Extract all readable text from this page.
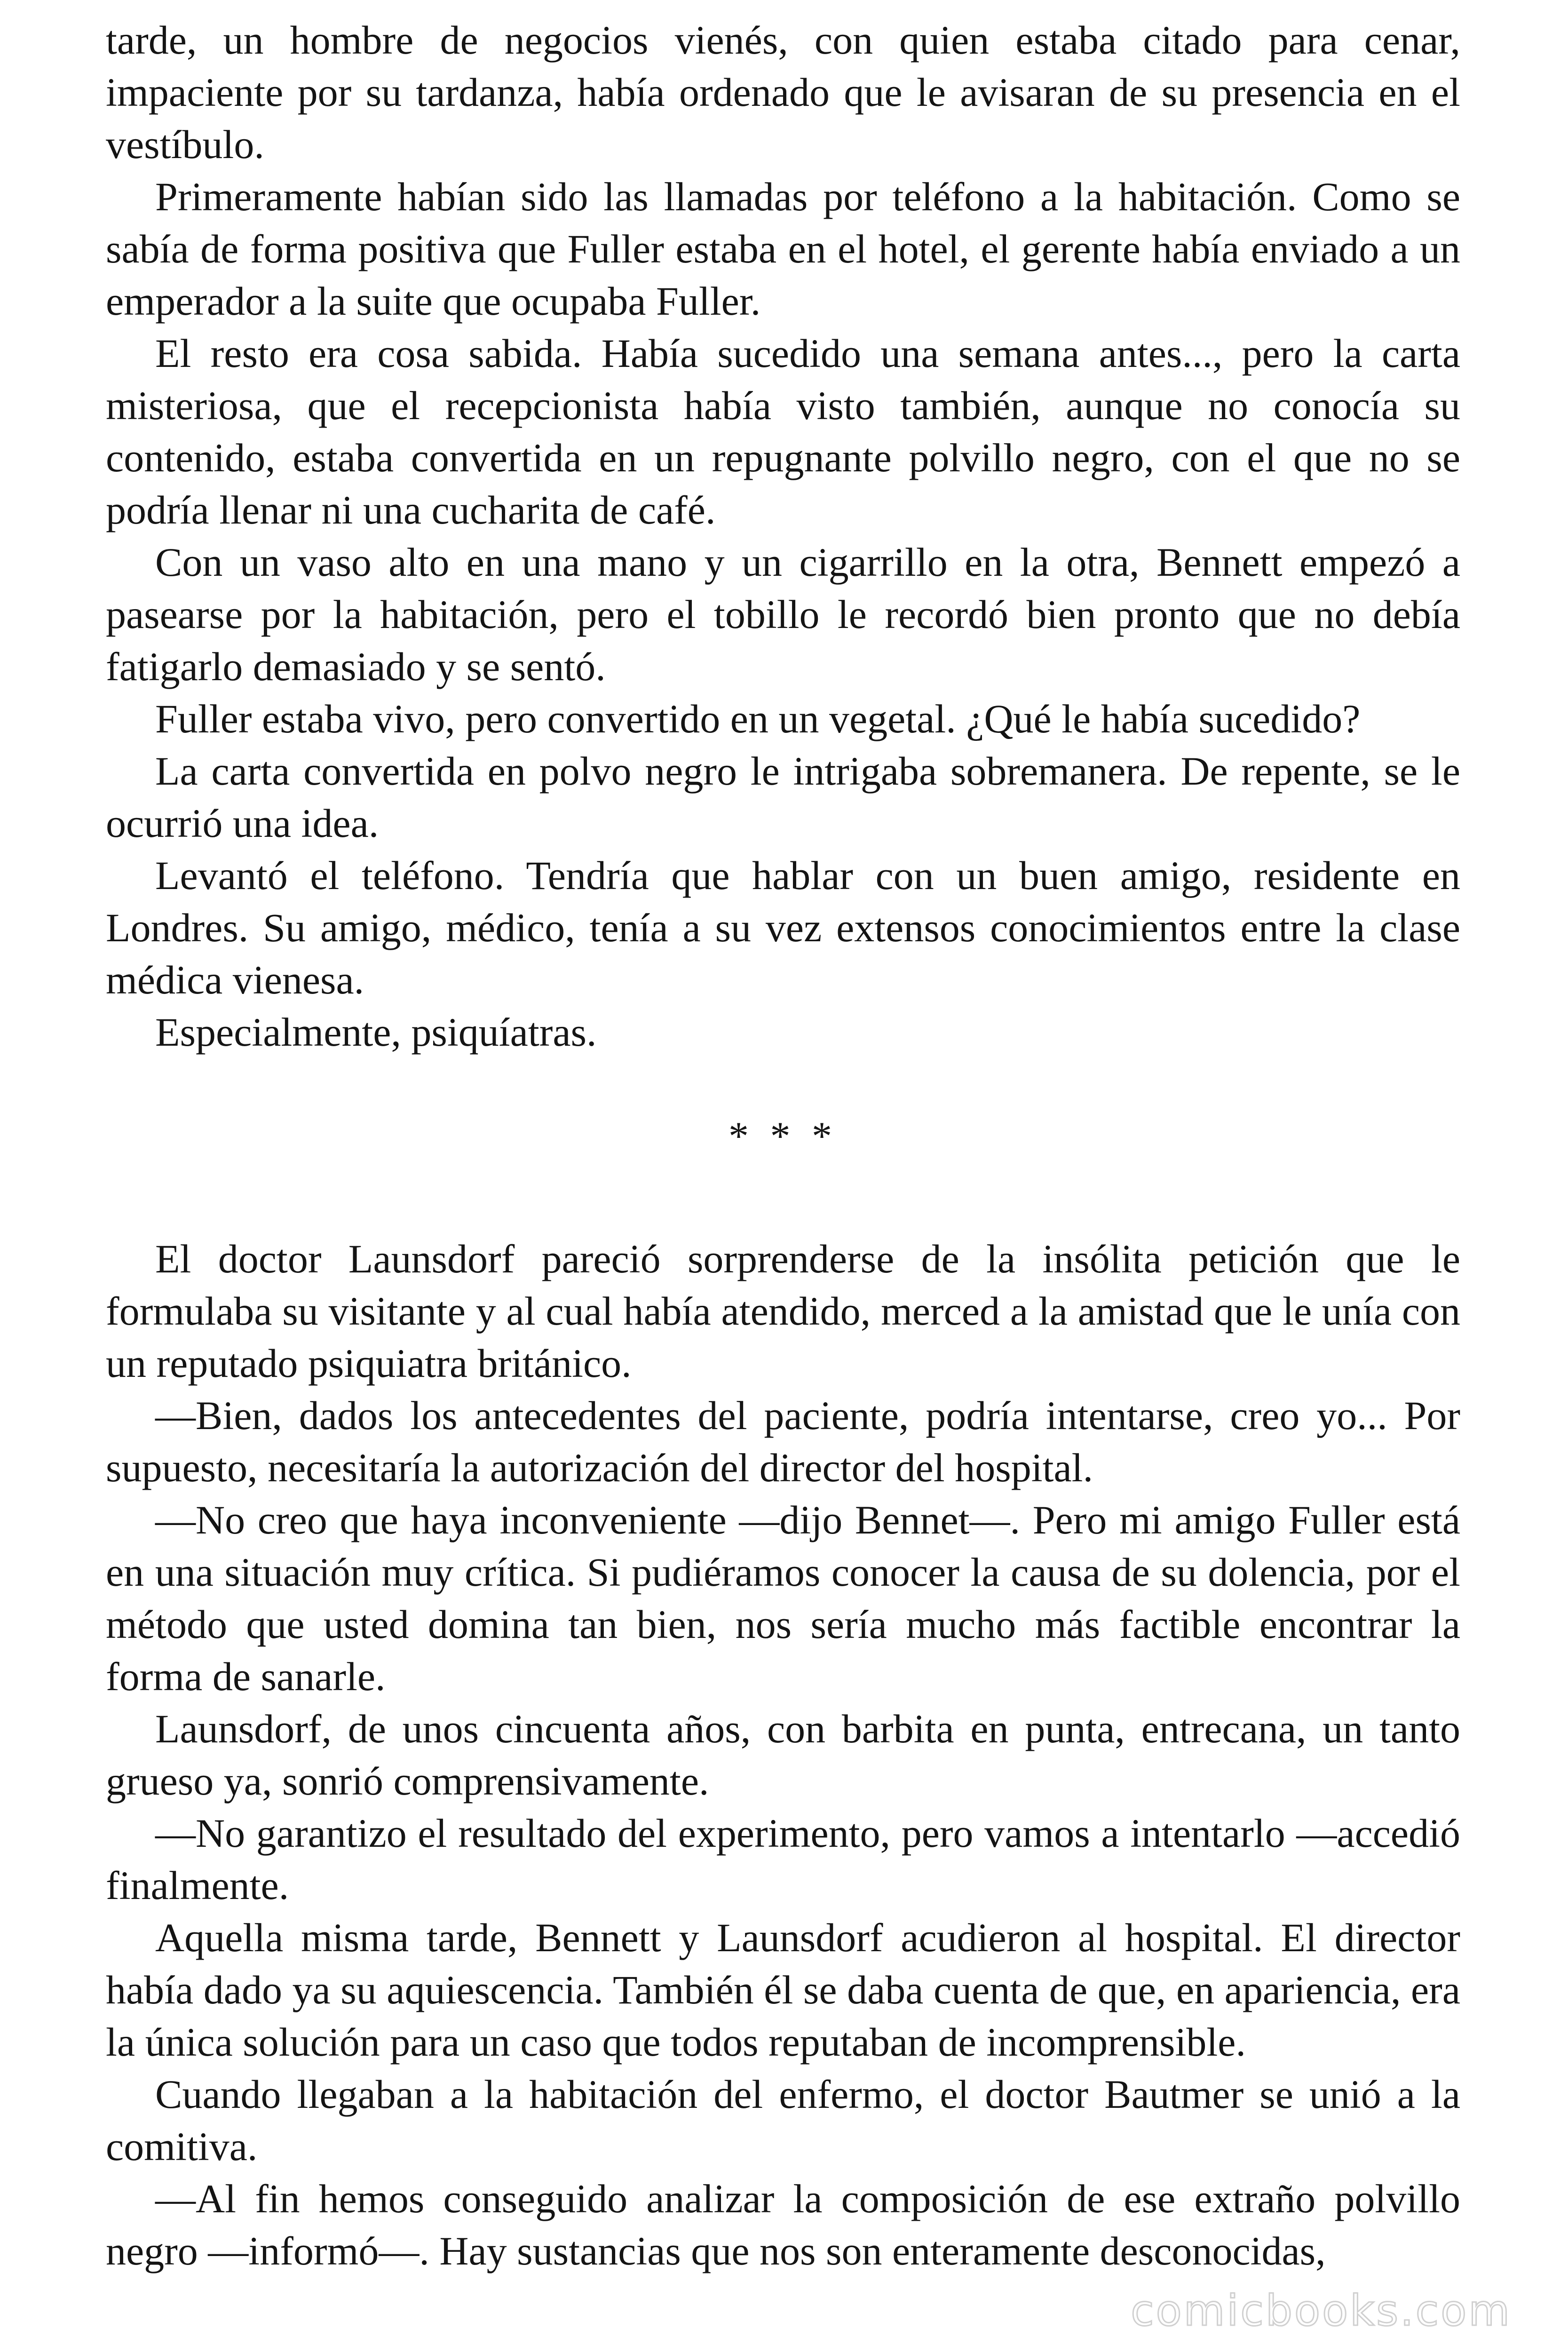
tarde, un hombre de negocios vienés, con quien estaba citado para cenar, impaciente por su tardanza, había ordenado que le avisaran de su presencia en el vestíbulo.

Primeramente habían sido las llamadas por teléfono a la habitación. Como se sabía de forma positiva que Fuller estaba en el hotel, el gerente había enviado a un emperador a la suite que ocupaba Fuller.

El resto era cosa sabida. Había sucedido una semana antes..., pero la carta misteriosa, que el recepcionista había visto también, aunque no conocía su contenido, estaba convertida en un repugnante polvillo negro, con el que no se podría llenar ni una cucharita de café.

Con un vaso alto en una mano y un cigarrillo en la otra, Bennett empezó a pasearse por la habitación, pero el tobillo le recordó bien pronto que no debía fatigarlo demasiado y se sentó.

Fuller estaba vivo, pero convertido en un vegetal. ¿Qué le había sucedido?

La carta convertida en polvo negro le intrigaba sobremanera. De repente, se le ocurrió una idea.

Levantó el teléfono. Tendría que hablar con un buen amigo, residente en Londres. Su amigo, médico, tenía a su vez extensos conocimientos entre la clase médica vienesa.

Especialmente, psiquíatras.

* * *

El doctor Launsdorf pareció sorprenderse de la insólita petición que le formulaba su visitante y al cual había atendido, merced a la amistad que le unía con un reputado psiquiatra británico.

—Bien, dados los antecedentes del paciente, podría intentarse, creo yo... Por supuesto, necesitaría la autorización del director del hospital.

—No creo que haya inconveniente —dijo Bennet—. Pero mi amigo Fuller está en una situación muy crítica. Si pudiéramos conocer la causa de su dolencia, por el método que usted domina tan bien, nos sería mucho más factible encontrar la forma de sanarle.

Launsdorf, de unos cincuenta años, con barbita en punta, entrecana, un tanto grueso ya, sonrió comprensivamente.

—No garantizo el resultado del experimento, pero vamos a intentarlo —accedió finalmente.

Aquella misma tarde, Bennett y Launsdorf acudieron al hospital. El director había dado ya su aquiescencia. También él se daba cuenta de que, en apariencia, era la única solución para un caso que todos reputaban de incomprensible.

Cuando llegaban a la habitación del enfermo, el doctor Bautmer se unió a la comitiva.

—Al fin hemos conseguido analizar la composición de ese extraño polvillo negro —informó—. Hay sustancias que nos son enteramente desconocidas,

comicbooks.com
